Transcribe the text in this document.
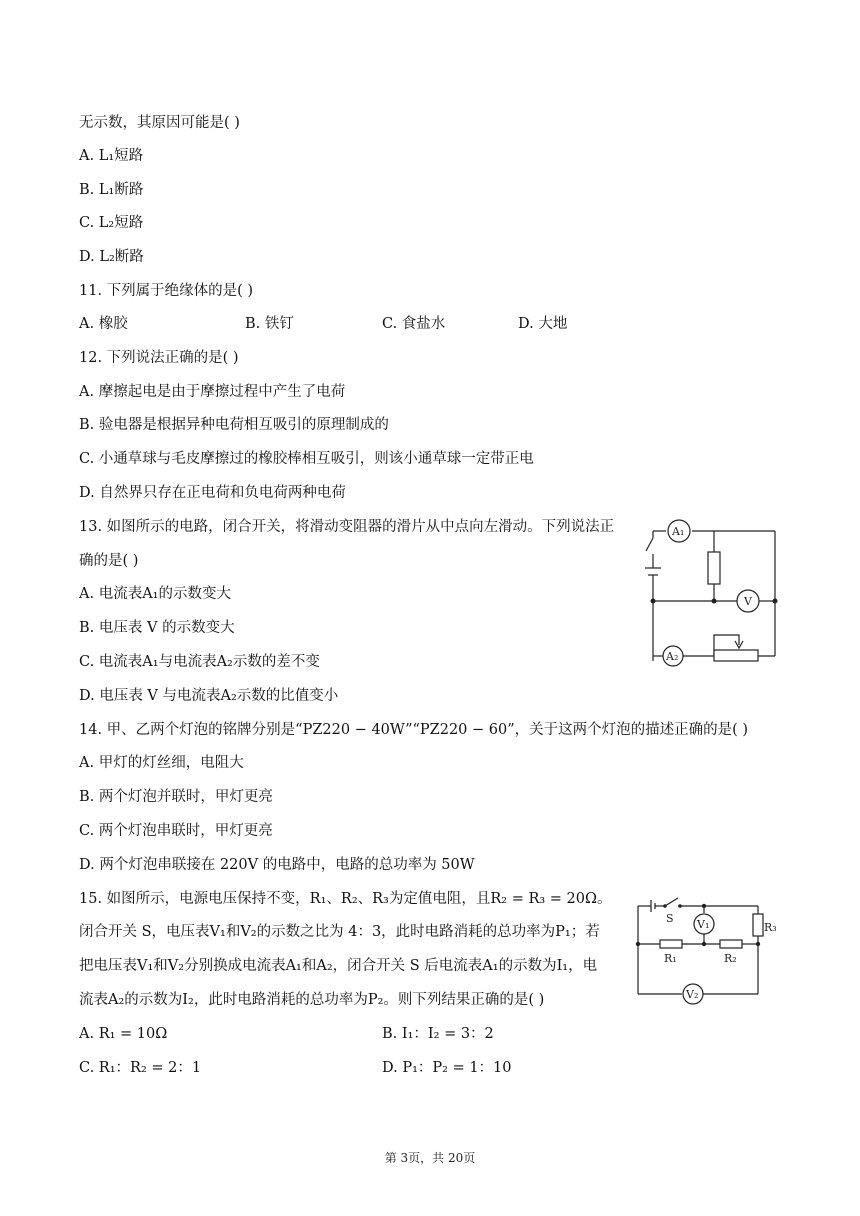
无示数，其原因可能是( )
A. L₁短路
B. L₁断路
C. L₂短路
D. L₂断路
11. 下列属于绝缘体的是( )
A. 橡胶	B. 铁钉	C. 食盐水	D. 大地
12. 下列说法正确的是( )
A. 摩擦起电是由于摩擦过程中产生了电荷
B. 验电器是根据异种电荷相互吸引的原理制成的
C. 小通草球与毛皮摩擦过的橡胶棒相互吸引，则该小通草球一定带正电
D. 自然界只存在正电荷和负电荷两种电荷
13. 如图所示的电路，闭合开关，将滑动变阻器的滑片从中点向左滑动。下列说法正
确的是( )
A. 电流表A₁的示数变大
B. 电压表 V 的示数变大
C. 电流表A₁与电流表A₂示数的差不变
D. 电压表 V 与电流表A₂示数的比值变小
14. 甲、乙两个灯泡的铭牌分别是“PZ220 − 40W”“PZ220 − 60”，关于这两个灯泡的描述正确的是( )
A. 甲灯的灯丝细，电阻大
B. 两个灯泡并联时，甲灯更亮
C. 两个灯泡串联时，甲灯更亮
D. 两个灯泡串联接在 220V 的电路中，电路的总功率为 50W
15. 如图所示，电源电压保持不变，R₁、R₂、R₃为定值电阻，且R₂ = R₃ = 20Ω。
闭合开关 S，电压表V₁和V₂的示数之比为 4：3，此时电路消耗的总功率为P₁；若
把电压表V₁和V₂分别换成电流表A₁和A₂，闭合开关 S 后电流表A₁的示数为I₁，电
流表A₂的示数为I₂，此时电路消耗的总功率为P₂。则下列结果正确的是( )
A. R₁ = 10Ω	B. I₁：I₂ = 3：2
C. R₁：R₂ = 2：1	D. P₁：P₂ = 1：10
A₁
V
A₂
S V₁	R₃
R₁	R₂
V₂
第 3页，共 20页
